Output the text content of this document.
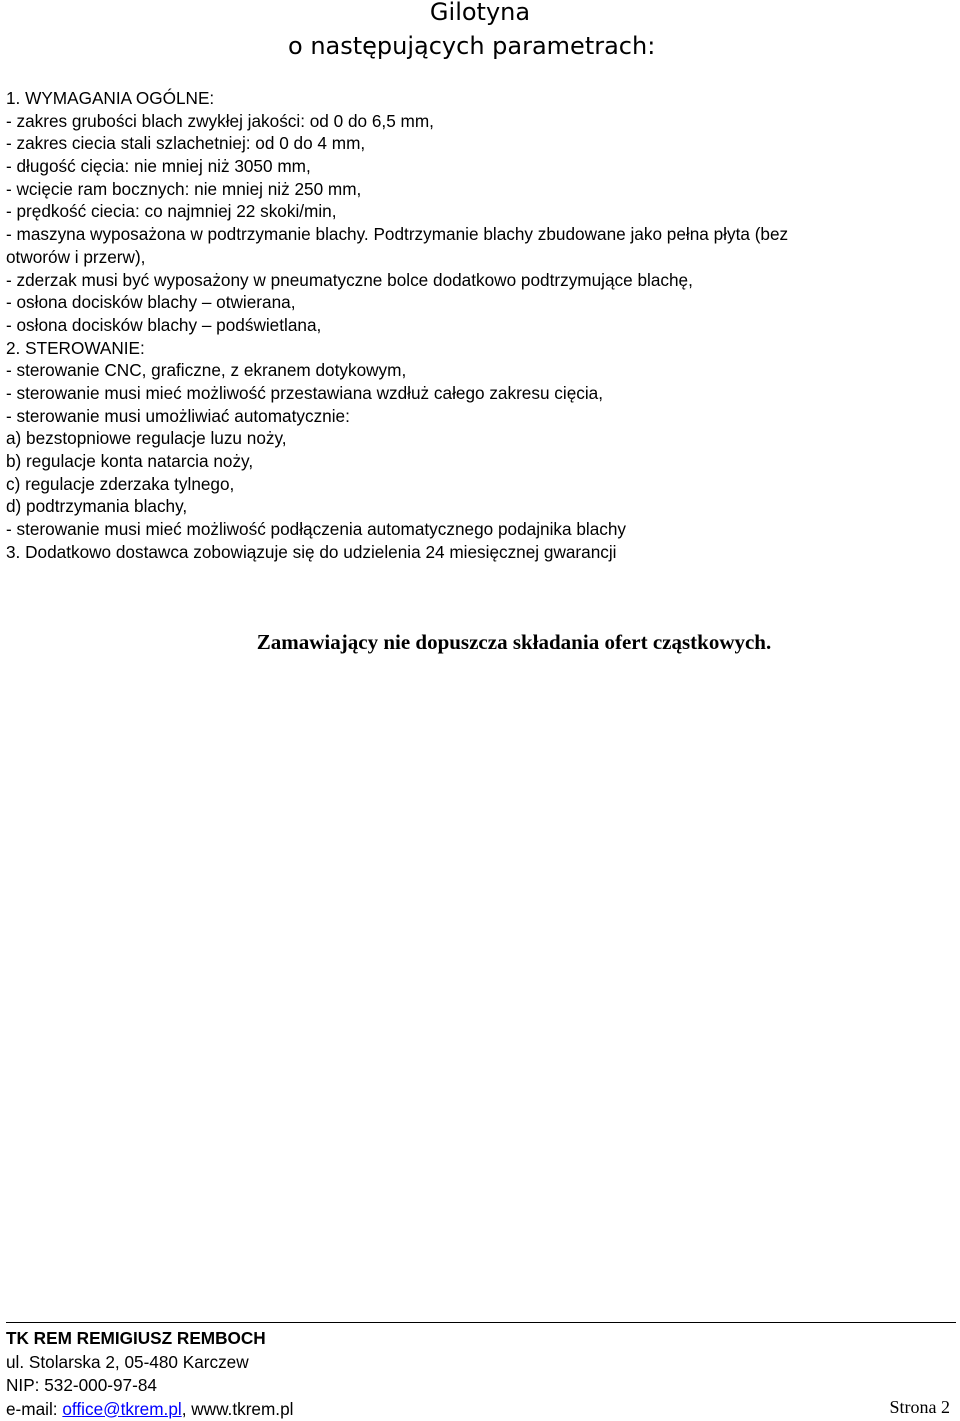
Gilotyna
o następujących parametrach:
1. WYMAGANIA OGÓLNE:
- zakres grubości blach zwykłej jakości: od 0 do 6,5 mm,
- zakres ciecia stali szlachetniej: od 0 do 4 mm,
- długość cięcia: nie mniej niż 3050 mm,
- wcięcie ram bocznych: nie mniej niż 250 mm,
- prędkość ciecia: co najmniej 22 skoki/min,
- maszyna wyposażona w podtrzymanie blachy. Podtrzymanie blachy zbudowane jako pełna płyta (bez
otworów i przerw),
- zderzak musi być wyposażony w pneumatyczne bolce dodatkowo podtrzymujące blachę,
- osłona docisków blachy – otwierana,
- osłona docisków blachy – podświetlana,
2. STEROWANIE:
- sterowanie CNC, graficzne, z ekranem dotykowym,
- sterowanie musi mieć możliwość przestawiana wzdłuż całego zakresu cięcia,
- sterowanie musi umożliwiać automatycznie:
a) bezstopniowe regulacje luzu noży,
b) regulacje konta natarcia noży,
c) regulacje zderzaka tylnego,
d) podtrzymania blachy,
- sterowanie musi mieć możliwość podłączenia automatycznego podajnika blachy
3. Dodatkowo dostawca zobowiązuje się do udzielenia 24 miesięcznej gwarancji
Zamawiający nie dopuszcza składania ofert cząstkowych.
TK REM REMIGIUSZ REMBOCH
ul. Stolarska 2, 05-480 Karczew
NIP: 532-000-97-84
e-mail: office@tkrem.pl, www.tkrem.pl	Strona 2
